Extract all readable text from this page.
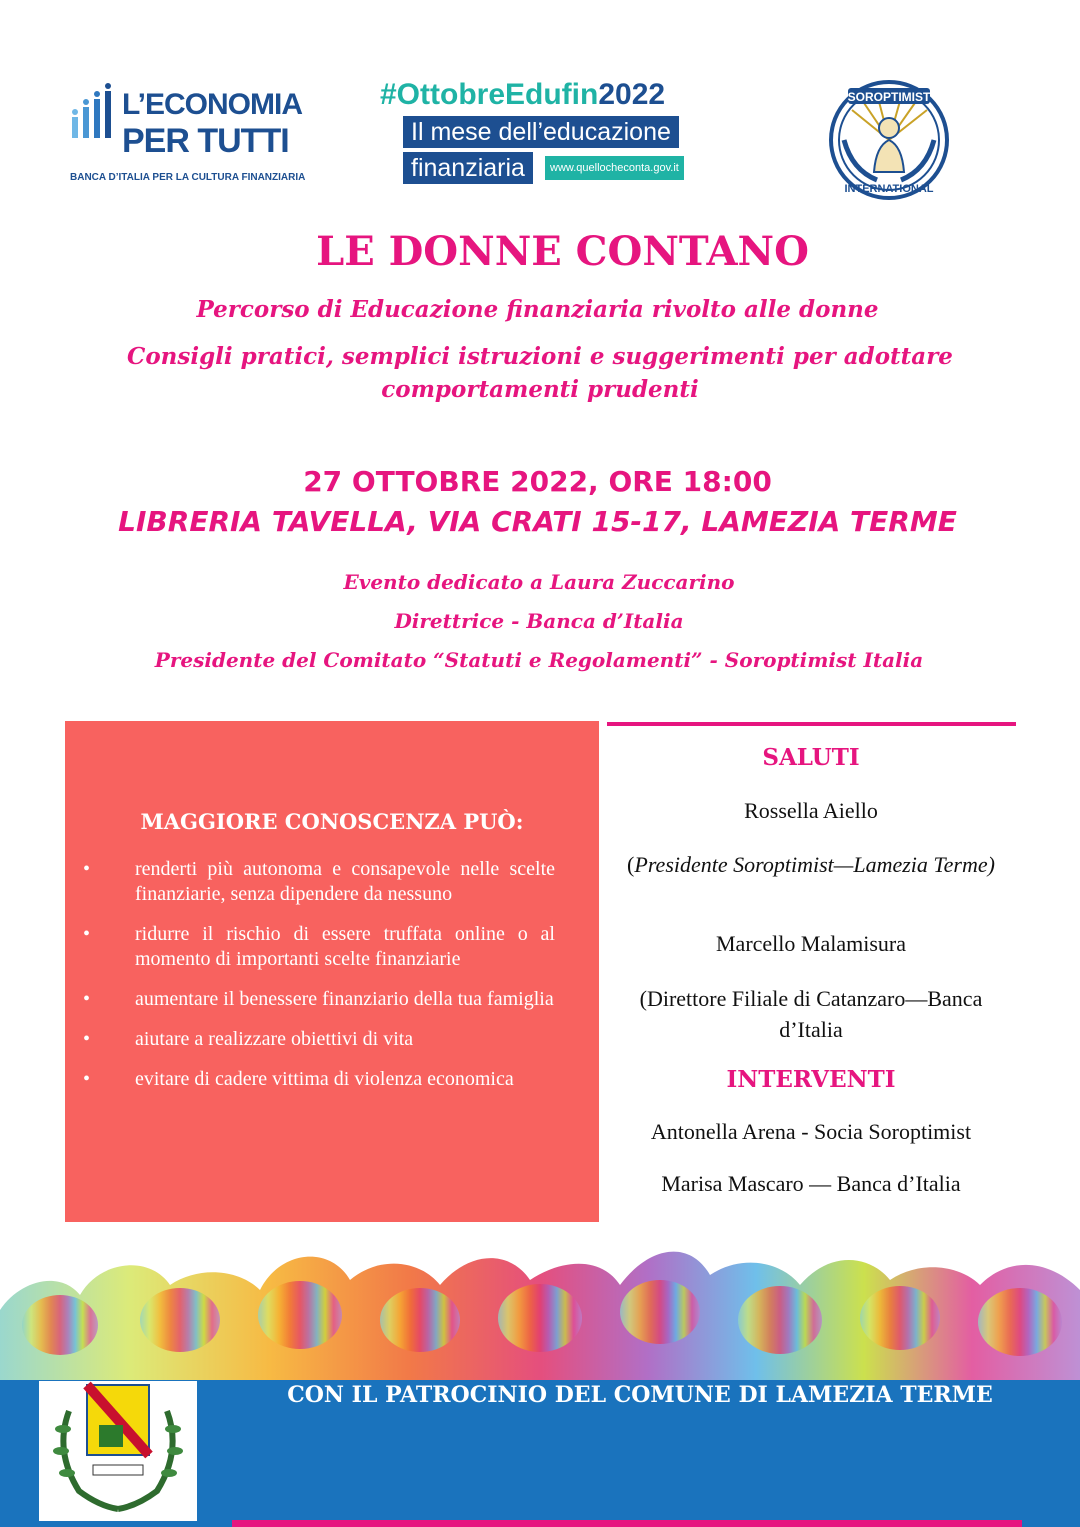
L’ECONOMIA
PER TUTTI
BANCA D’ITALIA PER LA CULTURA FINANZIARIA
#OttobreEdufin2022
Il mese dell’educazione
finanziaria	www.quellocheconta.gov.it
SOROPTIMIST
INTERNATIONAL
LE DONNE CONTANO
Percorso di Educazione finanziaria rivolto alle donne
Consigli pratici, semplici istruzioni e suggerimenti per adottare comportamenti prudenti
27 OTTOBRE 2022, ORE 18:00
LIBRERIA TAVELLA, VIA CRATI 15-17, LAMEZIA TERME
Evento dedicato a Laura Zuccarino
Direttrice - Banca d’Italia
Presidente del Comitato “Statuti e Regolamenti” - Soroptimist Italia
MAGGIORE CONOSCENZA PUÒ:
• renderti più autonoma e consapevole nelle scelte finanziarie, senza dipendere da nessuno
• ridurre il rischio di essere truffata online o al momento di importanti scelte finanziarie
• aumentare il benessere finanziario della tua famiglia
• aiutare a realizzare obiettivi di vita
• evitare di cadere vittima di violenza economica
SALUTI
Rossella Aiello
(Presidente Soroptimist—Lamezia Terme)
Marcello Malamisura
(Direttore Filiale di Catanzaro—Banca d’Italia
INTERVENTI
Antonella Arena - Socia Soroptimist
Marisa Mascaro — Banca d’Italia
CON IL PATROCINIO DEL COMUNE DI LAMEZIA TERME
